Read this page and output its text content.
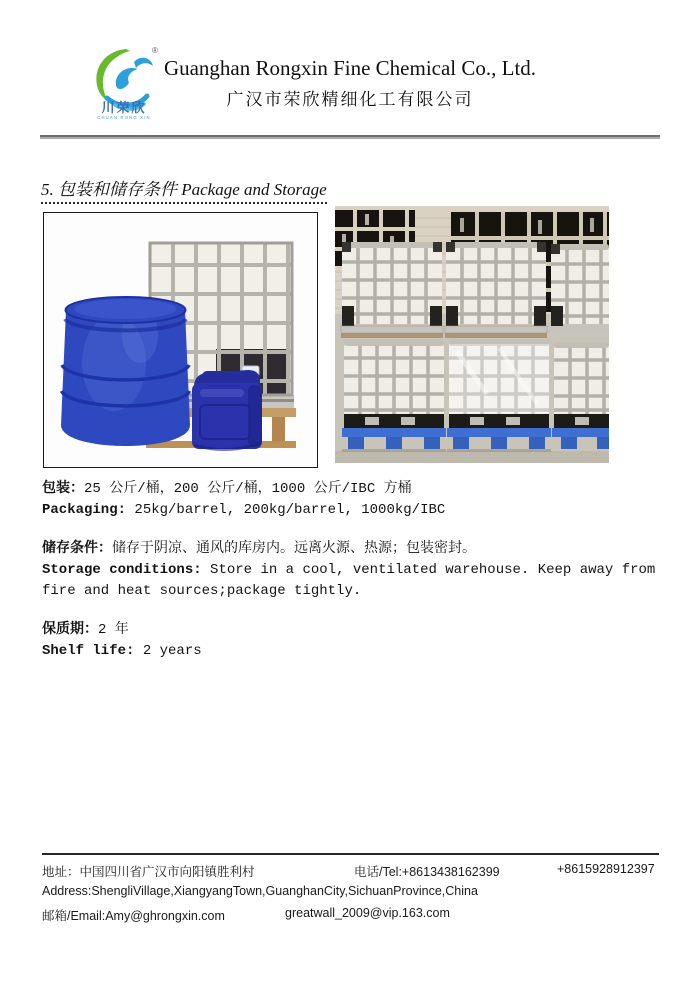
®
川荣欣
CHUAN RONG XIN
Guanghan Rongxin Fine Chemical Co., Ltd.
广汉市荣欣精细化工有限公司
5. 包装和储存条件 Package and Storage

包装：25 公斤/桶，200 公斤/桶，1000 公斤/IBC 方桶

Packaging: 25kg/barrel, 200kg/barrel, 1000kg/IBC

储存条件：储存于阴凉、通风的库房内。远离火源、热源；包装密封。

Storage conditions: Store in a cool, ventilated warehouse. Keep away from fire and heat sources;package tightly.

保质期：2 年

Shelf life: 2 years

地址：中国四川省广汉市向阳镇胜利村	电话/Tel:+8613438162399	+8615928912397
Address:ShengliVillage,XiangyangTown,GuanghanCity,SichuanProvince,China
邮箱/Email:Amy@ghrongxin.com	greatwall_2009@vip.163.com
